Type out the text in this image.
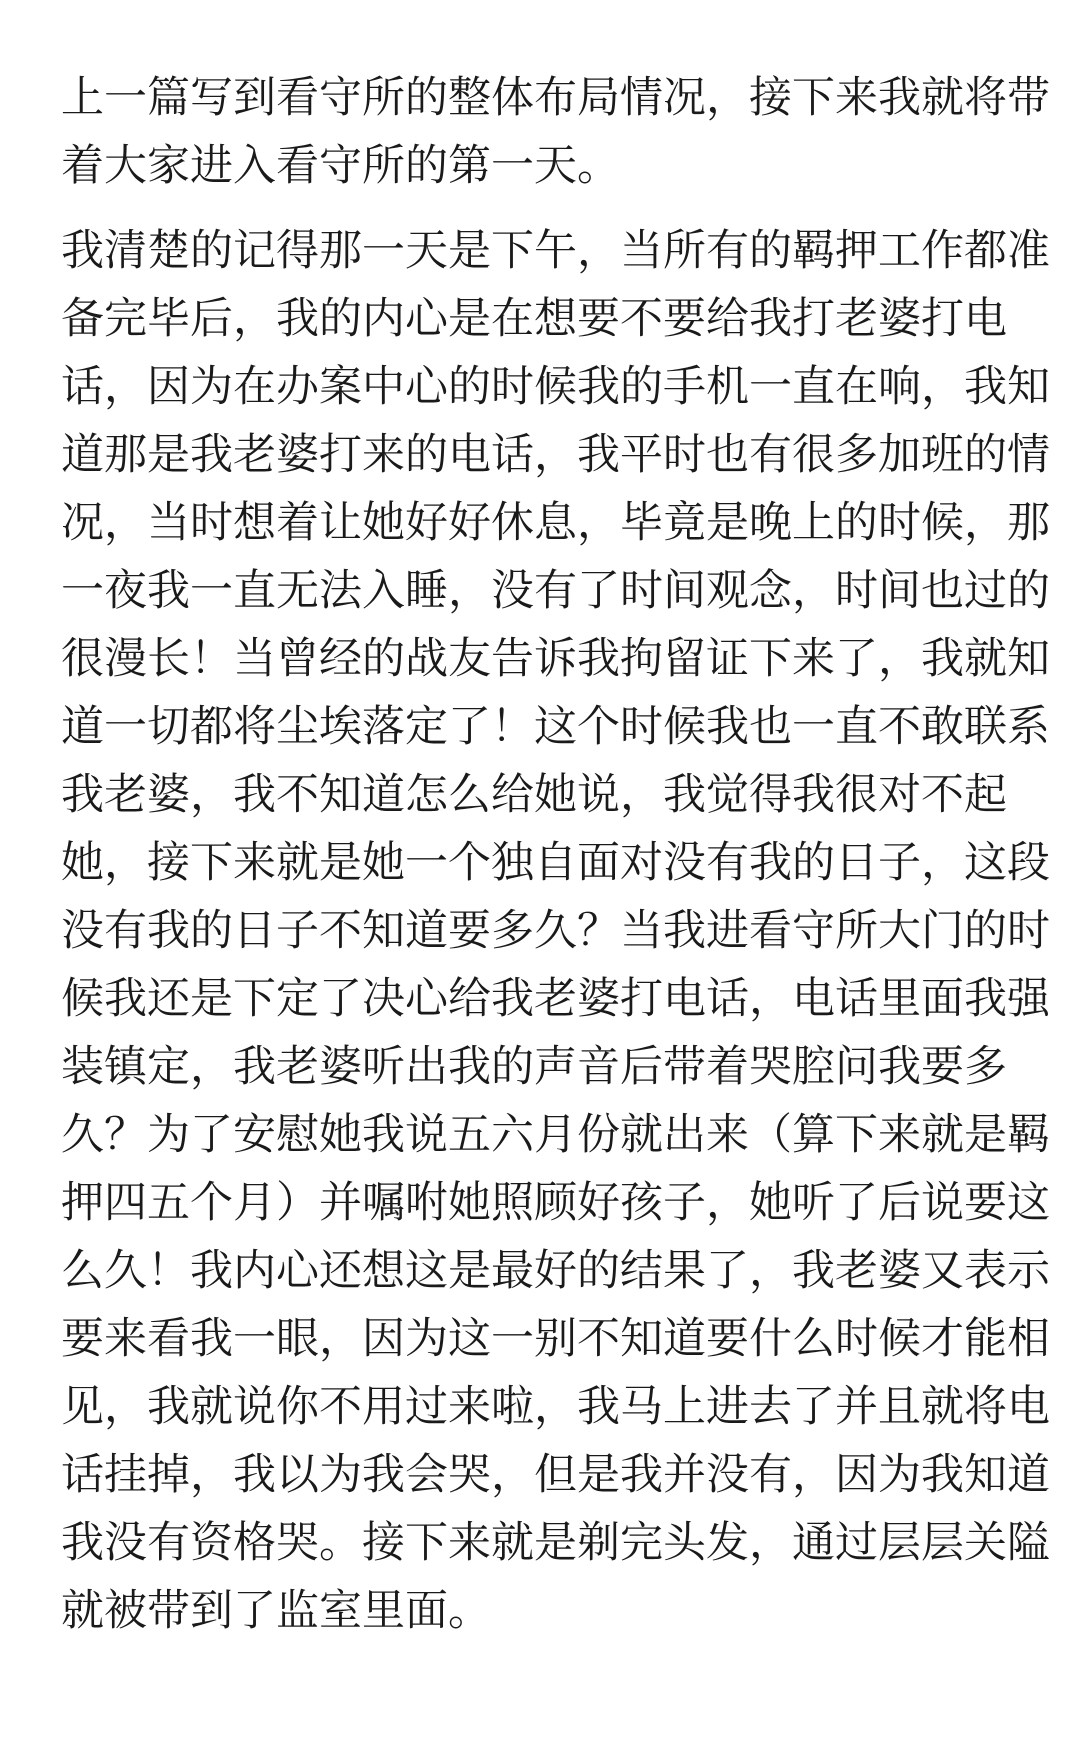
上一篇写到看守所的整体布局情况，接下来我就将带
着大家进入看守所的第一天。

我清楚的记得那一天是下午，当所有的羁押工作都准
备完毕后，我的内心是在想要不要给我打老婆打电
话，因为在办案中心的时候我的手机一直在响，我知
道那是我老婆打来的电话，我平时也有很多加班的情
况，当时想着让她好好休息，毕竟是晚上的时候，那
一夜我一直无法入睡，没有了时间观念，时间也过的
很漫长！当曾经的战友告诉我拘留证下来了，我就知
道一切都将尘埃落定了！这个时候我也一直不敢联系
我老婆，我不知道怎么给她说，我觉得我很对不起
她，接下来就是她一个独自面对没有我的日子，这段
没有我的日子不知道要多久？当我进看守所大门的时
候我还是下定了决心给我老婆打电话，电话里面我强
装镇定，我老婆听出我的声音后带着哭腔问我要多
久？为了安慰她我说五六月份就出来（算下来就是羁
押四五个月）并嘱咐她照顾好孩子，她听了后说要这
么久！我内心还想这是最好的结果了，我老婆又表示
要来看我一眼，因为这一别不知道要什么时候才能相
见，我就说你不用过来啦，我马上进去了并且就将电
话挂掉，我以为我会哭，但是我并没有，因为我知道
我没有资格哭。接下来就是剃完头发，通过层层关隘
就被带到了监室里面。
